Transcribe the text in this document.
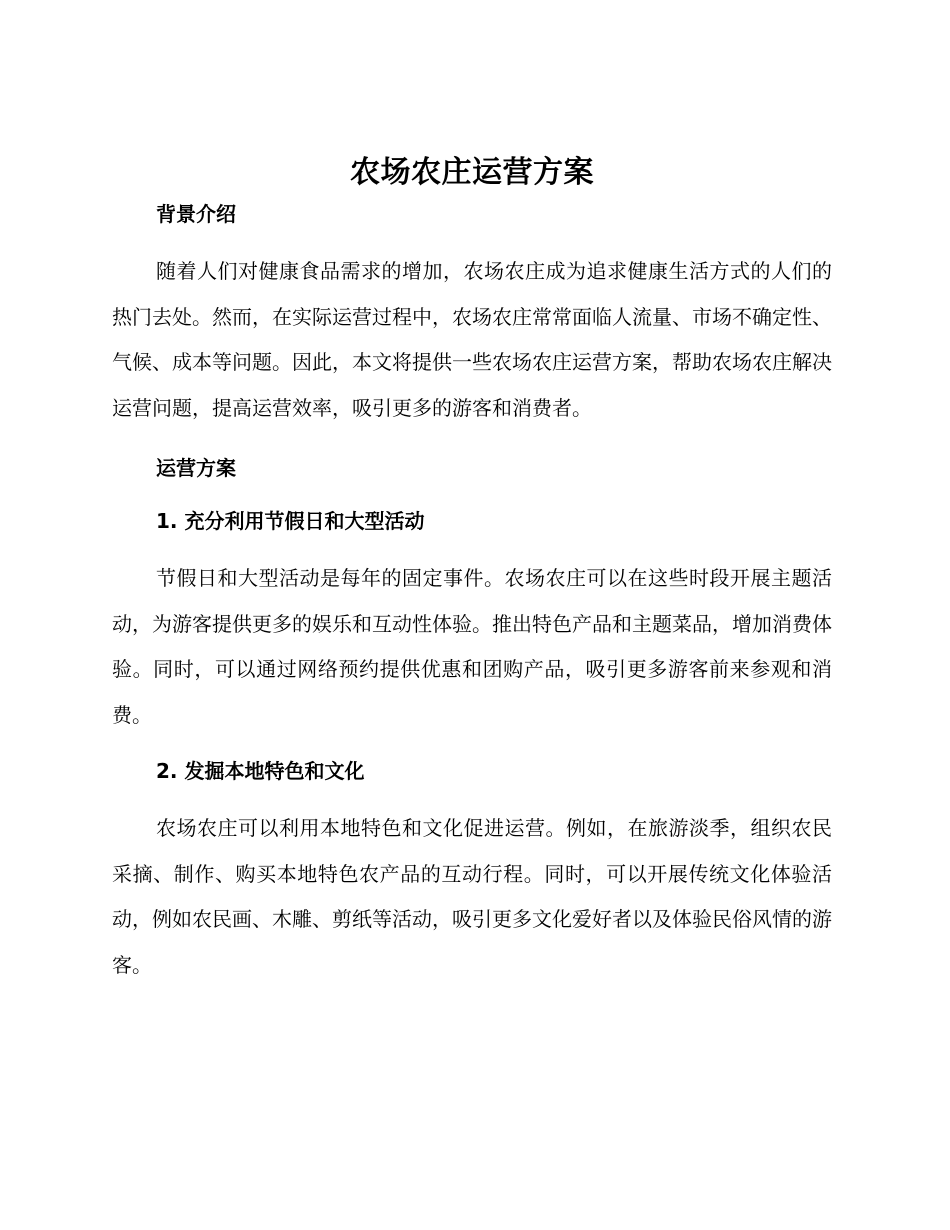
农场农庄运营方案
背景介绍

随着人们对健康食品需求的增加，农场农庄成为追求健康生活方式的人们的热门去处。然而，在实际运营过程中，农场农庄常常面临人流量、市场不确定性、气候、成本等问题。因此，本文将提供一些农场农庄运营方案，帮助农场农庄解决运营问题，提高运营效率，吸引更多的游客和消费者。

运营方案
1. 充分利用节假日和大型活动

节假日和大型活动是每年的固定事件。农场农庄可以在这些时段开展主题活动，为游客提供更多的娱乐和互动性体验。推出特色产品和主题菜品，增加消费体验。同时，可以通过网络预约提供优惠和团购产品，吸引更多游客前来参观和消费。

2. 发掘本地特色和文化

农场农庄可以利用本地特色和文化促进运营。例如，在旅游淡季，组织农民采摘、制作、购买本地特色农产品的互动行程。同时，可以开展传统文化体验活动，例如农民画、木雕、剪纸等活动，吸引更多文化爱好者以及体验民俗风情的游客。
